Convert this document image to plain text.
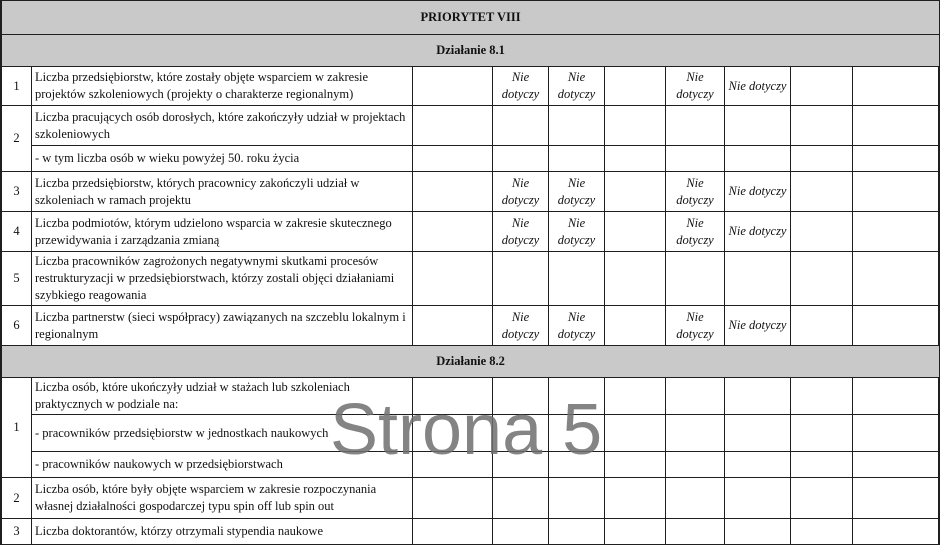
PRIORYTET VIII									
Działanie 8.1									
1	Liczba przedsiębiorstw, które zostały objęte wsparciem w zakresie projektów szkoleniowych (projekty o charakterze regionalnym)		Nie dotyczy	Nie dotyczy		Nie dotyczy	Nie dotyczy		
2	Liczba pracujących osób dorosłych, które zakończyły udział w projektach szkoleniowych								
	- w tym liczba osób w wieku powyżej 50. roku życia								
3	Liczba przedsiębiorstw, których pracownicy zakończyli udział w szkoleniach w ramach projektu		Nie dotyczy	Nie dotyczy		Nie dotyczy	Nie dotyczy		
4	Liczba podmiotów, którym udzielono wsparcia w zakresie skutecznego przewidywania i zarządzania zmianą		Nie dotyczy	Nie dotyczy		Nie dotyczy	Nie dotyczy		
5	Liczba pracowników zagrożonych negatywnymi skutkami procesów restrukturyzacji w przedsiębiorstwach, którzy zostali objęci działaniami szybkiego reagowania								
6	Liczba partnerstw (sieci współpracy) zawiązanych na szczeblu lokalnym i regionalnym		Nie dotyczy	Nie dotyczy		Nie dotyczy	Nie dotyczy		
Działanie 8.2									
1	Liczba osób, które ukończyły udział w stażach lub szkoleniach praktycznych w podziale na:								
	- pracowników przedsiębiorstw w jednostkach naukowych								
	- pracowników naukowych w przedsiębiorstwach								
2	Liczba osób, które były objęte wsparciem w zakresie rozpoczynania własnej działalności gospodarczej typu spin off lub spin out								
3	Liczba doktorantów, którzy otrzymali stypendia naukowe								
Strona 5
